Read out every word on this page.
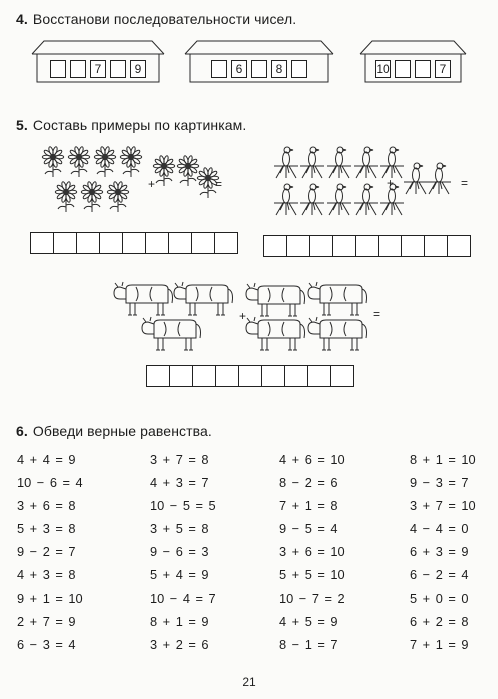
4. Восстанови последовательности чисел.
7	9	6	8	10	7
5. Составь примеры по картинкам.
+	=	+	=
+	=
6. Обведи верные равенства.
4 + 4 = 9
10 − 6 = 4
3 + 6 = 8
5 + 3 = 8
9 − 2 = 7
4 + 3 = 8
9 + 1 = 10
2 + 7 = 9
6 − 3 = 4
3 + 7 = 8
4 + 3 = 7
10 − 5 = 5
3 + 5 = 8
9 − 6 = 3
5 + 4 = 9
10 − 4 = 7
8 + 1 = 9
3 + 2 = 6
4 + 6 = 10
8 − 2 = 6
7 + 1 = 8
9 − 5 = 4
3 + 6 = 10
5 + 5 = 10
10 − 7 = 2
4 + 5 = 9
8 − 1 = 7
8 + 1 = 10
9 − 3 = 7
3 + 7 = 10
4 − 4 = 0
6 + 3 = 9
6 − 2 = 4
5 + 0 = 0
6 + 2 = 8
7 + 1 = 9
21
